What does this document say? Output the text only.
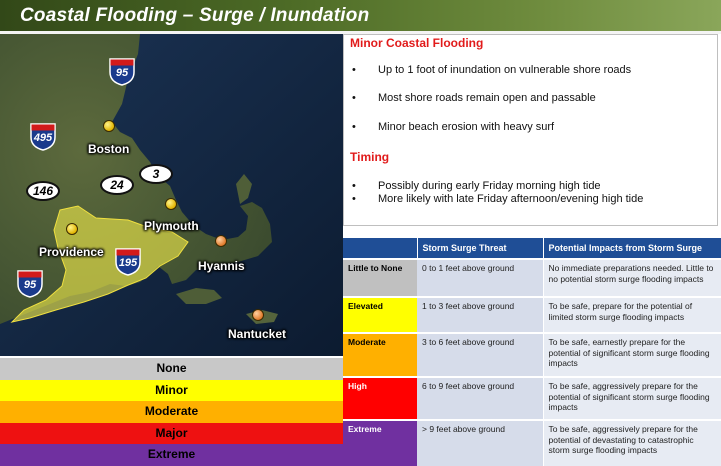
Coastal Flooding – Surge / Inundation
95
495
195
95
146	24
3
Boston
Plymouth
Providence
Hyannis
Nantucket
None
Minor
Moderate
Major
Extreme
Minor Coastal Flooding
• Up to 1 foot of inundation on vulnerable shore roads
• Most shore roads remain open and passable
• Minor beach erosion with heavy surf
Timing
• Possibly during early Friday morning high tide
• More likely with late Friday afternoon/evening high tide
	Storm Surge Threat	Potential Impacts from Storm Surge
Little to None	0 to 1 feet above ground	No immediate preparations needed. Little to no potential storm surge flooding impacts
Elevated	1 to 3 feet above ground	To be safe, prepare for the potential of limited storm surge flooding impacts
Moderate	3 to 6 feet above ground	To be safe, earnestly prepare for the potential of significant storm surge flooding impacts
High	6 to 9 feet above ground	To be safe, aggressively prepare for the potential of significant storm surge flooding impacts
Extreme	> 9 feet above ground	To be safe, aggressively prepare for the potential of devastating to catastrophic storm surge flooding impacts
